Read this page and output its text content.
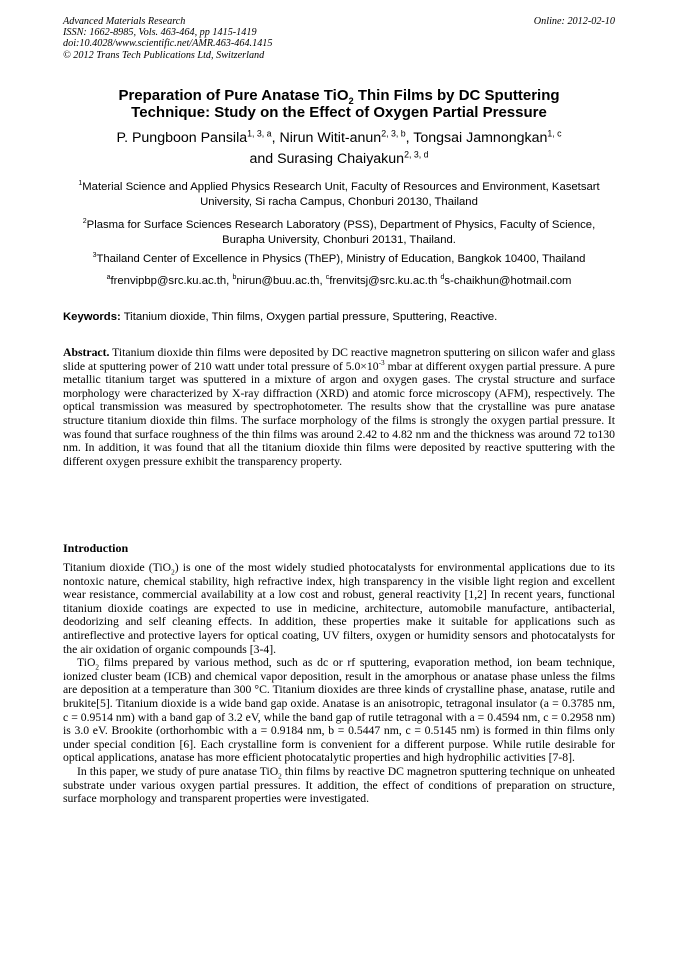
Advanced Materials Research
ISSN: 1662-8985, Vols. 463-464, pp 1415-1419
doi:10.4028/www.scientific.net/AMR.463-464.1415
© 2012 Trans Tech Publications Ltd, Switzerland
Online: 2012-02-10
Preparation of Pure Anatase TiO$_2$ Thin Films by DC Sputtering
Technique: Study on the Effect of Oxygen Partial Pressure
P. Pungboon Pansila$^{1, 3, a}$, Nirun Witit-anun$^{2, 3, b}$, Tongsai Jamnongkan$^{1, c}$
and Surasing Chaiyakun$^{2, 3, d}$
$^1$Material Science and Applied Physics Research Unit, Faculty of Resources and Environment, Kasetsart University, Si racha Campus, Chonburi 20130, Thailand
$^2$Plasma for Surface Sciences Research Laboratory (PSS), Department of Physics, Faculty of Science, Burapha University, Chonburi 20131, Thailand.
$^3$Thailand Center of Excellence in Physics (ThEP), Ministry of Education, Bangkok 10400, Thailand
$^a$frenvipbp@src.ku.ac.th, $^b$nirun@buu.ac.th, $^c$frenvitsj@src.ku.ac.th $^d$s-chaikhun@hotmail.com
Keywords: Titanium dioxide, Thin films, Oxygen partial pressure, Sputtering, Reactive.

Abstract. Titanium dioxide thin films were deposited by DC reactive magnetron sputtering on silicon wafer and glass slide at sputtering power of 210 watt under total pressure of $5.0\times 10^{-3}$ mbar at different oxygen partial pressure. A pure metallic titanium target was sputtered in a mixture of argon and oxygen gases. The crystal structure and surface morphology were characterized by X-ray diffraction (XRD) and atomic force microscopy (AFM), respectively. The optical transmission was measured by spectrophotometer. The results show that the crystalline was pure anatase structure titanium dioxide thin films. The surface morphology of the films is strongly the oxygen partial pressure. It was found that surface roughness of the thin films was around 2.42 to 4.82 nm and the thickness was around 72 to130 nm. In addition, it was found that all the titanium dioxide thin films were deposited by reactive sputtering with the different oxygen pressure exhibit the transparency property.

Introduction

Titanium dioxide (TiO$_2$) is one of the most widely studied photocatalysts for environmental applications due to its nontoxic nature, chemical stability, high refractive index, high transparency in the visible light region and excellent wear resistance, commercial availability at a low cost and robust, general reactivity [1,2] In recent years, functional titanium dioxide coatings are expected to use in medicine, architecture, automobile manufacture, antibacterial, deodorizing and self cleaning effects. In addition, these properties make it suitable for applications such as antireflective and protective layers for optical coating, UV filters, oxygen or humidity sensors and photocatalysts for the air oxidation of organic compounds [3-4].

TiO$_2$ films prepared by various method, such as dc or rf sputtering, evaporation method, ion beam technique, ionized cluster beam (ICB) and chemical vapor deposition, result in the amorphous or anatase phase unless the films are deposition at a temperature than 300 °C. Titanium dioxides are three kinds of crystalline phase, anatase, rutile and brukite[5]. Titanium dioxide is a wide band gap oxide. Anatase is an anisotropic, tetragonal insulator (a = 0.3785 nm, c = 0.9514 nm) with a band gap of 3.2 eV, while the band gap of rutile tetragonal with a = 0.4594 nm, c = 0.2958 nm) is 3.0 eV. Brookite (orthorhombic with a = 0.9184 nm, b = 0.5447 nm, c = 0.5145 nm) is formed in thin films only under special condition [6]. Each crystalline form is convenient for a different purpose. While rutile desirable for optical applications, anatase has more efficient photocatalytic properties and high hydrophilic activities [7-8].

In this paper, we study of pure anatase TiO$_2$ thin films by reactive DC magnetron sputtering technique on unheated substrate under various oxygen partial pressures. It addition, the effect of conditions of preparation on structure, surface morphology and transparent properties were investigated.
